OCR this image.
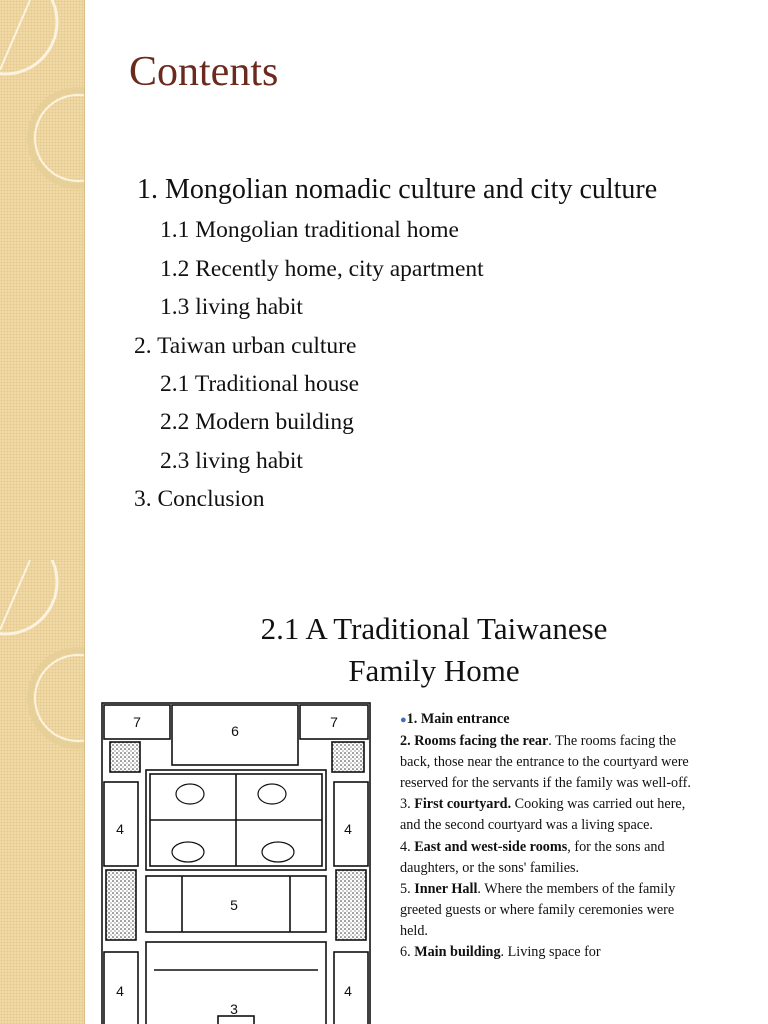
Contents
1. Mongolian nomadic culture and city culture
1.1 Mongolian traditional home
1.2 Recently home, city apartment
1.3 living habit
2. Taiwan urban culture
2.1 Traditional house
2.2 Modern building
2.3 living habit
3. Conclusion
2.1 A Traditional Taiwanese
Family Home
7
6
7
4	4
5
4	4
3

●1. Main entrance

2. Rooms facing the rear. The rooms facing the back, those near the entrance to the courtyard were reserved for the servants if the family was well-off.

3. First courtyard. Cooking was carried out here, and the second courtyard was a living space.

4. East and west-side rooms, for the sons and daughters, or the sons' families.

5. Inner Hall. Where the members of the family greeted guests or where family ceremonies were held.

6. Main building. Living space for
